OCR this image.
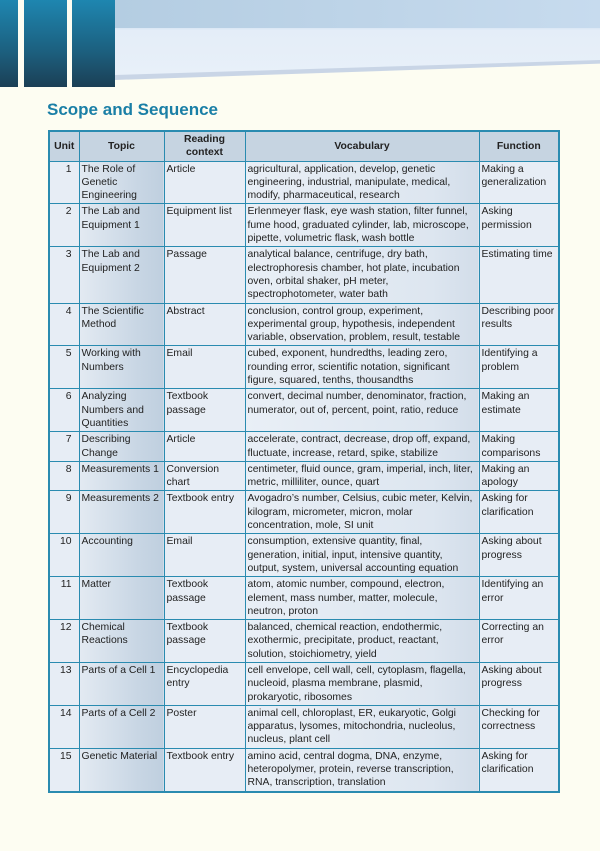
Scope and Sequence
Unit	Topic	Reading context	Vocabulary	Function
1	The Role of Genetic Engineering	Article	agricultural, application, develop, genetic engineering, industrial, manipulate, medical, modify, pharmaceutical, research	Making a generalization
2	The Lab and Equipment 1	Equipment list	Erlenmeyer flask, eye wash station, filter funnel, fume hood, graduated cylinder, lab, microscope, pipette, volumetric flask, wash bottle	Asking permission
3	The Lab and Equipment 2	Passage	analytical balance, centrifuge, dry bath, electrophoresis chamber, hot plate, incubation oven, orbital shaker, pH meter, spectrophotometer, water bath	Estimating time
4	The Scientific Method	Abstract	conclusion, control group, experiment, experimental group, hypothesis, independent variable, observation, problem, result, testable	Describing poor results
5	Working with Numbers	Email	cubed, exponent, hundredths, leading zero, rounding error, scientific notation, significant figure, squared, tenths, thousandths	Identifying a problem
6	Analyzing Numbers and Quantities	Textbook passage	convert, decimal number, denominator, fraction, numerator, out of, percent, point, ratio, reduce	Making an estimate
7	Describing Change	Article	accelerate, contract, decrease, drop off, expand, fluctuate, increase, retard, spike, stabilize	Making comparisons
8	Measurements 1	Conversion chart	centimeter, fluid ounce, gram, imperial, inch, liter, metric, milliliter, ounce, quart	Making an apology
9	Measurements 2	Textbook entry	Avogadro’s number, Celsius, cubic meter, Kelvin, kilogram, micrometer, micron, molar concentration, mole, SI unit	Asking for clarification
10	Accounting	Email	consumption, extensive quantity, final, generation, initial, input, intensive quantity, output, system, universal accounting equation	Asking about progress
11	Matter	Textbook passage	atom, atomic number, compound, electron, element, mass number, matter, molecule, neutron, proton	Identifying an error
12	Chemical Reactions	Textbook passage	balanced, chemical reaction, endothermic, exothermic, precipitate, product, reactant, solution, stoichiometry, yield	Correcting an error
13	Parts of a Cell 1	Encyclopedia entry	cell envelope, cell wall, cell, cytoplasm, flagella, nucleoid, plasma membrane, plasmid, prokaryotic, ribosomes	Asking about progress
14	Parts of a Cell 2	Poster	animal cell, chloroplast, ER, eukaryotic, Golgi apparatus, lysomes, mitochondria, nucleolus, nucleus, plant cell	Checking for correctness
15	Genetic Material	Textbook entry	amino acid, central dogma, DNA, enzyme, heteropolymer, protein, reverse transcription, RNA, transcription, translation	Asking for clarification
